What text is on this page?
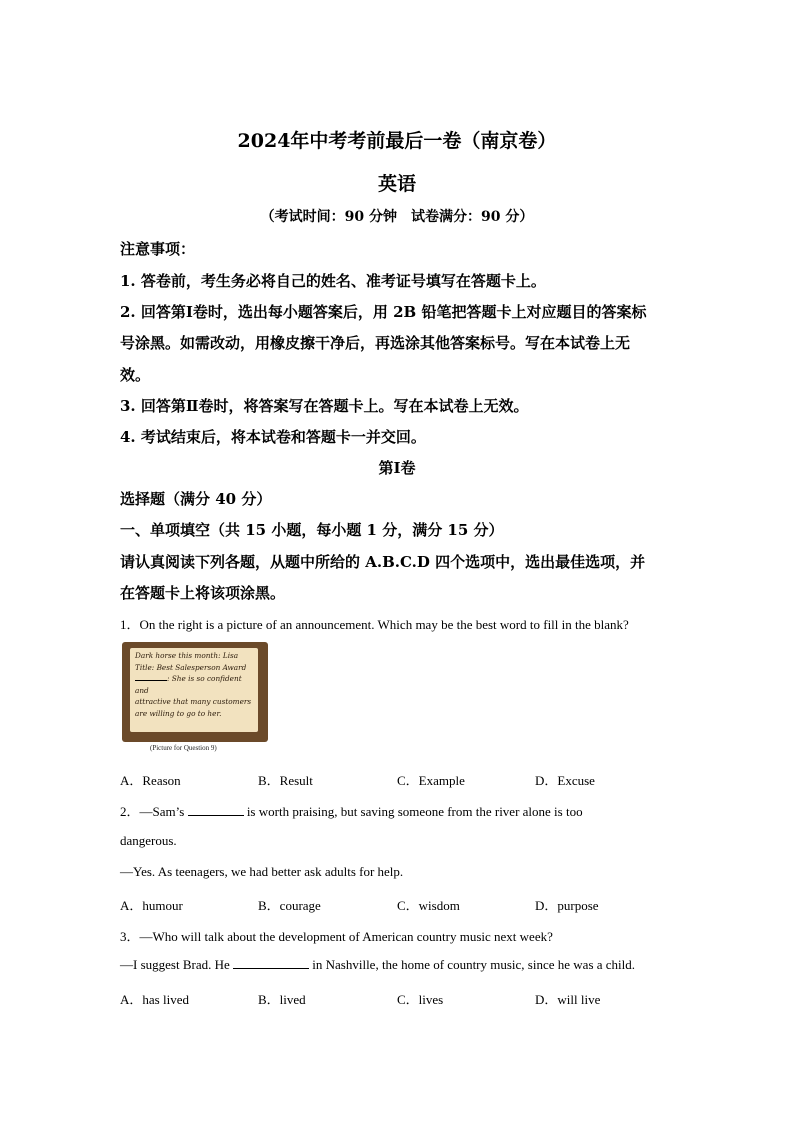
2024年中考考前最后一卷（南京卷）
英语
（考试时间：90 分钟　试卷满分：90 分）
注意事项：
1. 答卷前，考生务必将自己的姓名、准考证号填写在答题卡上。
2. 回答第Ⅰ卷时，选出每小题答案后，用 2B 铅笔把答题卡上对应题目的答案标
号涂黑。如需改动，用橡皮擦干净后，再选涂其他答案标号。写在本试卷上无
效。
3. 回答第Ⅱ卷时，将答案写在答题卡上。写在本试卷上无效。
4. 考试结束后，将本试卷和答题卡一并交回。
第Ⅰ卷
选择题（满分 40 分）
一、单项填空（共 15 小题，每小题 1 分，满分 15 分）
请认真阅读下列各题，从题中所给的 A.B.C.D 四个选项中，选出最佳选项，并
在答题卡上将该项涂黑。
1．On the right is a picture of an announcement. Which may be the best word to fill in the blank?
Dark horse this month: Lisa
Title: Best Salesperson Award
: She is so confident and
attractive that many customers
are willing to go to her.
(Picture for Question 9)
A．Reason	B．Result	C．Example	D．Excuse
2．—Sam’s	is worth praising, but saving someone from the river alone is too
dangerous.
—Yes. As teenagers, we had better ask adults for help.
A．humour	B．courage	C．wisdom	D．purpose
3．—Who will talk about the development of American country music next week?
—I suggest Brad. He	in Nashville, the home of country music, since he was a child.
A．has lived	B．lived	C．lives	D．will live
